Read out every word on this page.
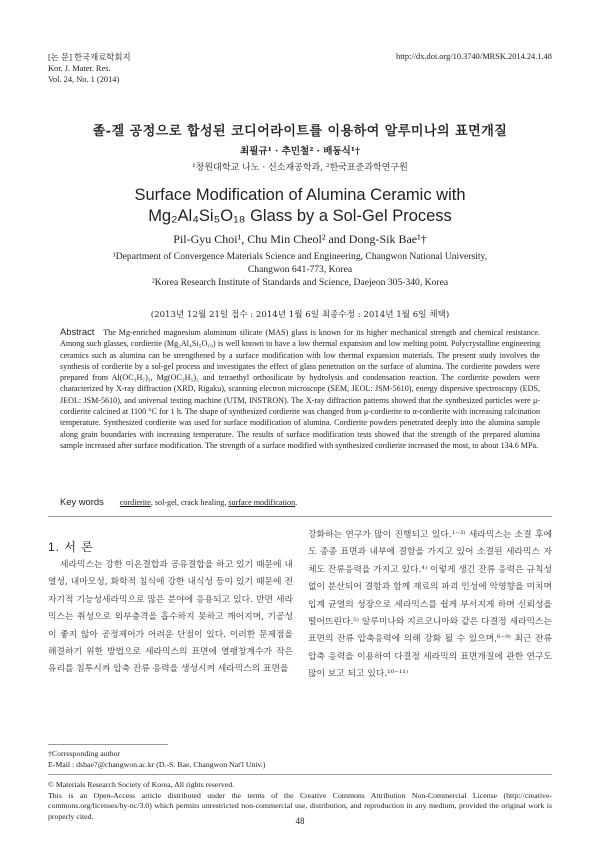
[논 문] 한국재료학회지
Kor. J. Mater. Res.
Vol. 24, No. 1 (2014)
http://dx.doi.org/10.3740/MRSK.2014.24.1.48
졸-겔 공정으로 합성된 코디어라이트를 이용하여 알루미나의 표면개질
최필규¹ · 추민철² · 배동식¹†
¹창원대학교 나노 · 신소재공학과, ²한국표준과학연구원
Surface Modification of Alumina Ceramic with
Mg₂Al₄Si₅O₁₈ Glass by a Sol-Gel Process
Pil-Gyu Choi¹, Chu Min Cheol² and Dong-Sik Bae¹†
¹Department of Convergence Materials Science and Engineering, Changwon National University,
Changwon 641-773, Korea
²Korea Research Institute of Standards and Science, Daejeon 305-340, Korea
(2013년 12월 21일 접수 : 2014년 1월 6일 최종수정 : 2014년 1월 6일 채택)
Abstract The Mg-enriched magnesium aluminum silicate (MAS) glass is known for its higher mechanical strength and chemical resistance. Among such glasses, cordierite (Mg₂Al₄Si₅O₁₈) is well known to have a low thermal expansion and low melting point. Polycrystalline engineering ceramics such as alumina can be strengthened by a surface modification with low thermal expansion materials. The present study involves the synthesis of cordierite by a sol-gel process and investigates the effect of glass penetration on the surface of alumina. The cordierite powders were prepared from Al(OC₃H₇)₃, Mg(OC₂H₅)₂ and tetraethyl orthosilicate by hydrolysis and condensation reaction. The cordierite powders were characterized by X-ray diffraction (XRD, Rigaku), scanning electron microscope (SEM, JEOL: JSM-5610), energy dispersive spectroscopy (EDS, JEOL: JSM-5610), and universal testing machine (UTM, INSTRON). The X-ray diffraction patterns showed that the synthesized particles were μ-cordierite calcined at 1100 °C for 1 h. The shape of synthesized cordierite was changed from μ-cordierite to α-cordierite with increasing calcination temperature. Synthesized cordierite was used for surface modification of alumina. Cordierite powders penetrated deeply into the alumina sample along grain boundaries with increasing temperature. The results of surface modification tests showed that the strength of the prepared alumina sample increased after surface modification. The strength of a surface modified with synthesized cordierite increased the most, to about 134.6 MPa.
Key words cordierite, sol-gel, crack healing, surface modification.
1. 서 론

세라믹스는 강한 이온결합과 공유결합을 하고 있기 때문에 내열성, 내마모성, 화학적 침식에 강한 내식성 등이 있기 때문에 전자기적 기능성세라믹으로 많은 분야에 응용되고 있다. 반면 세라믹스는 취성으로 외부충격을 흡수하지 못하고 깨어지며, 기공성이 좋지 않아 공정제어가 어려운 단점이 있다. 이러한 문제점을 해결하기 위한 방법으로 세라믹스의 표면에 열팽창계수가 작은 유리를 침투시켜 압축 잔류 응력을 생성시켜 세라믹스의 표면을

강화하는 연구가 많이 진행되고 있다.¹⁻³⁾ 세라믹스는 소결 후에도 종종 표면과 내부에 결함을 가지고 있어 소결된 세라믹스 자체도 잔류응력을 가지고 있다.⁴⁾ 이렇게 생긴 잔류 응력은 규칙성 없이 분산되어 결함과 함께 재료의 파괴 인성에 악영향을 미치며 입계 균열의 성장으로 세라믹스를 쉽게 부서지게 하며 신뢰성을 떨어뜨린다.⁵⁾ 알루미나와 지르코니아와 같은 다결정 세라믹스는 표면의 잔류 압축응력에 의해 강화 될 수 있으며,⁶⁻⁹⁾ 최근 잔류 압축 응력을 이용하여 다결정 세라믹의 표면개질에 관한 연구도 많이 보고 되고 있다.¹⁰⁻¹¹⁾

†Corresponding author
E-Mail : dsbae7@changwon.ac.kr (D.-S. Bae, Changwon Nat'l Univ.)
© Materials Research Society of Korea, All rights reserved.
This is an Open-Access article distributed under the terms of the Creative Commons Attribution Non-Commercial License (http://creative-commons.org/licenses/by-nc/3.0) which permits unrestricted non-commercial use, distribution, and reproduction in any medium, provided the original work is properly cited.	48
